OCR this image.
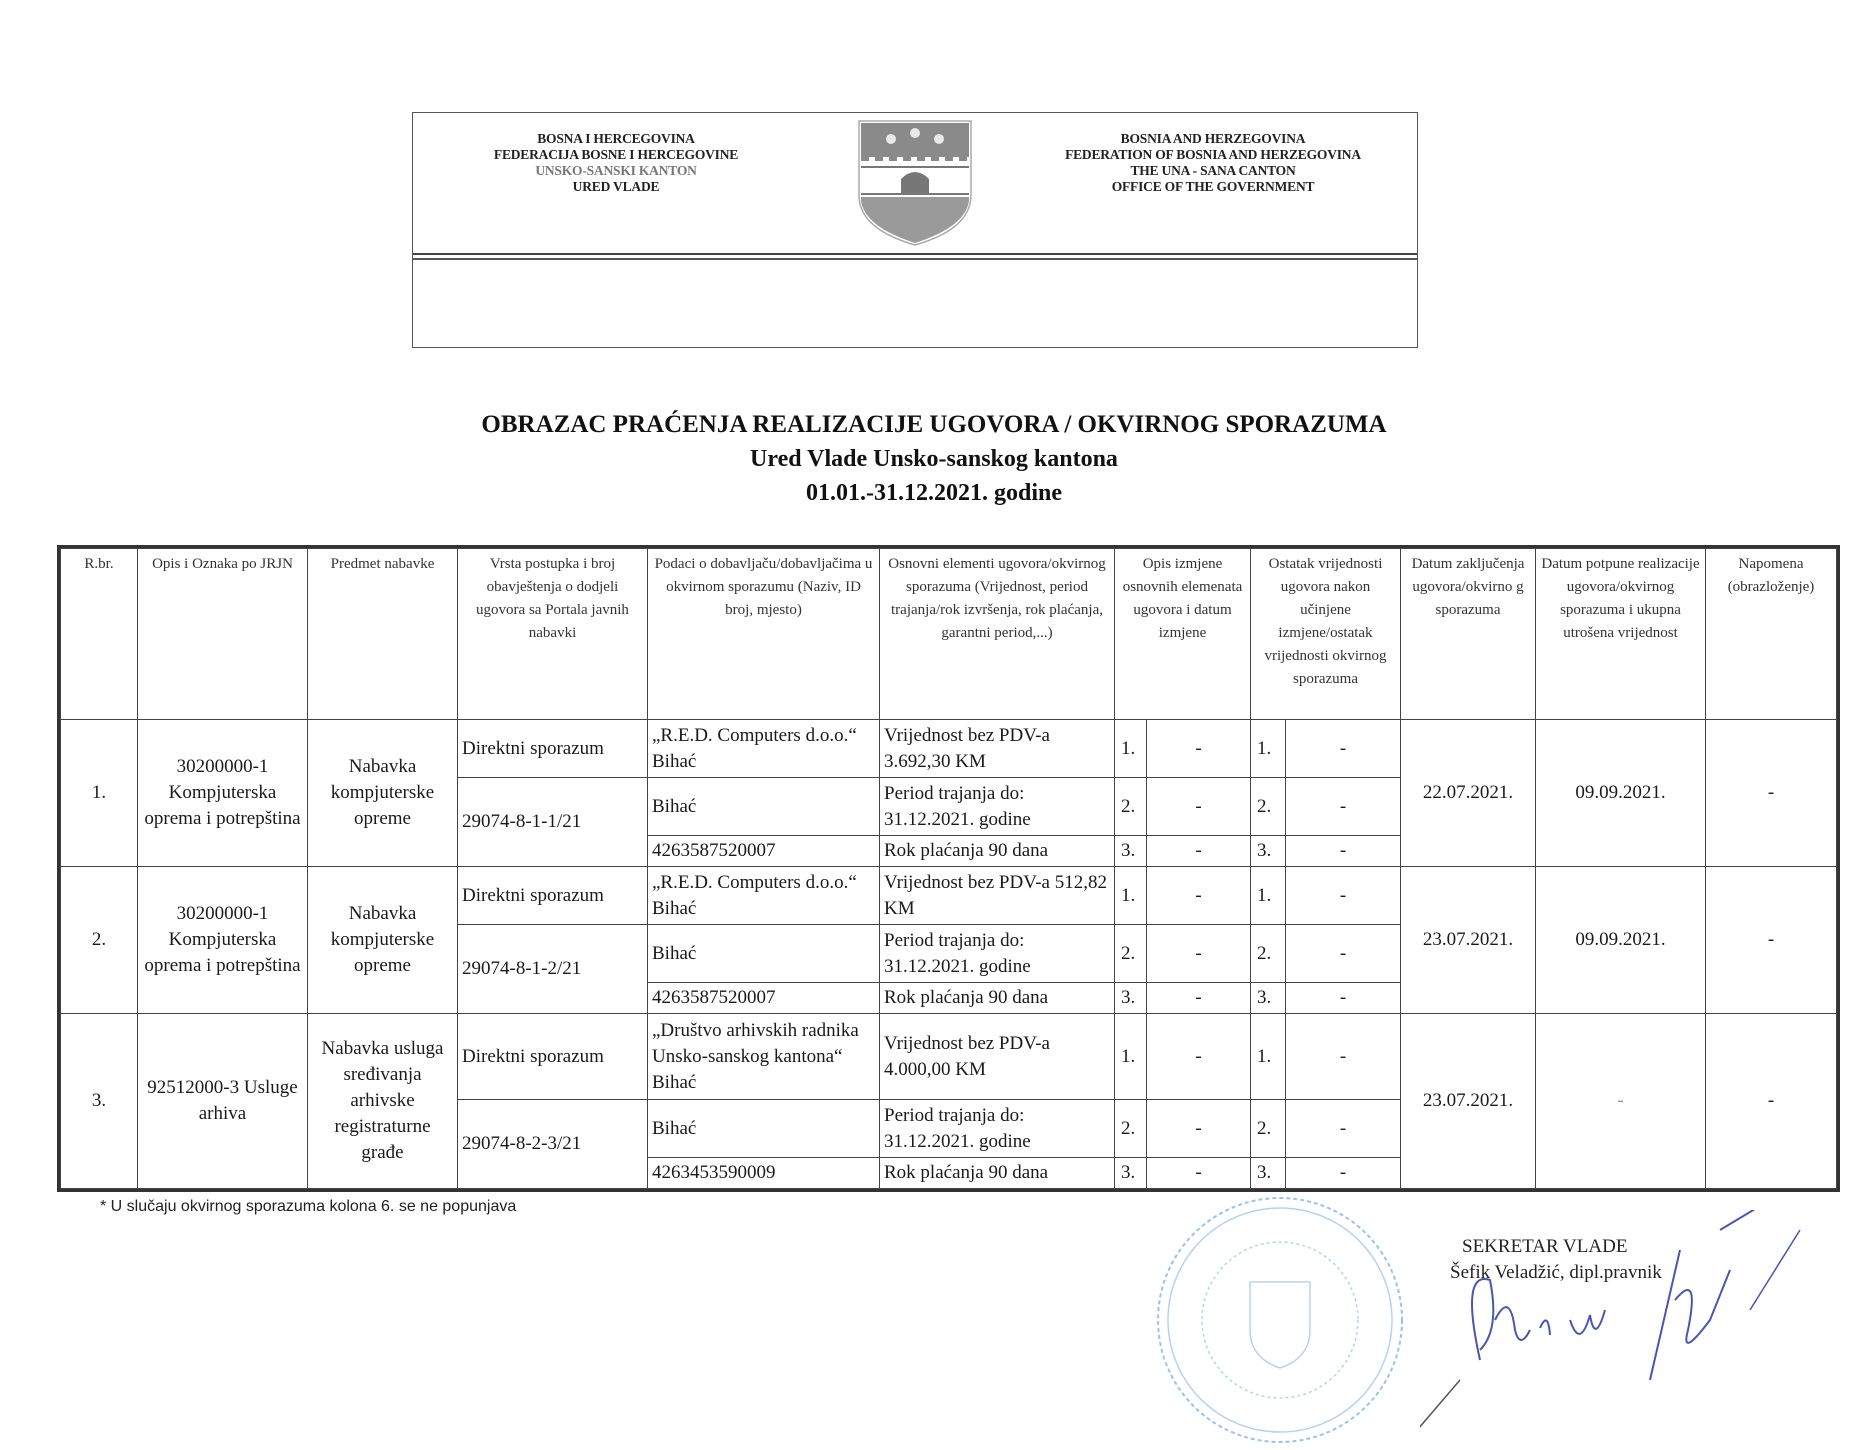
BOSNA I HERCEGOVINA
FEDERACIJA BOSNE I HERCEGOVINE
UNSKO-SANSKI KANTON
URED VLADE
BOSNIA AND HERZEGOVINA
FEDERATION OF BOSNIA AND HERZEGOVINA
THE UNA - SANA CANTON
OFFICE OF THE GOVERNMENT
OBRAZAC PRAĆENJA REALIZACIJE UGOVORA / OKVIRNOG SPORAZUMA
Ured Vlade Unsko-sanskog kantona
01.01.-31.12.2021. godine
R.br.	Opis i Oznaka po JRJN	Predmet nabavke	Vrsta postupka i broj obavještenja o dodjeli ugovora sa Portala javnih nabavki	Podaci o dobavljaču/dobavljačima u okvirnom sporazumu (Naziv, ID broj, mjesto)	Osnovni elementi ugovora/okvirnog sporazuma (Vrijednost, period trajanja/rok izvršenja, rok plaćanja, garantni period,...)	Opis izmjene osnovnih elemenata ugovora i datum izmjene		Ostatak vrijednosti ugovora nakon učinjene izmjene/ostatak vrijednosti okvirnog sporazuma		Datum zaključenja ugovora/okvirno g sporazuma	Datum potpune realizacije ugovora/okvirnog sporazuma i ukupna utrošena vrijednost	Napomena (obrazloženje)
1.	30200000-1 Kompjuterska oprema i potrepština	Nabavka kompjuterske opreme	Direktni sporazum	„R.E.D. Computers d.o.o.“ Bihać	Vrijednost bez PDV-a 3.692,30 KM	1.	-	1.	-	22.07.2021.	09.09.2021.	-
			29074-8-1-1/21	Bihać	Period trajanja do: 31.12.2021. godine	2.	-	2.	-			
				4263587520007	Rok plaćanja 90 dana	3.	-	3.	-			
2.	30200000-1 Kompjuterska oprema i potrepština	Nabavka kompjuterske opreme	Direktni sporazum	„R.E.D. Computers d.o.o.“ Bihać	Vrijednost bez PDV-a 512,82 KM	1.	-	1.	-	23.07.2021.	09.09.2021.	-
			29074-8-1-2/21	Bihać	Period trajanja do: 31.12.2021. godine	2.	-	2.	-			
				4263587520007	Rok plaćanja 90 dana	3.	-	3.	-			
3.	92512000-3 Usluge arhiva	Nabavka usluga sređivanja arhivske registraturne građe	Direktni sporazum	„Društvo arhivskih radnika Unsko-sanskog kantona“ Bihać	Vrijednost bez PDV-a 4.000,00 KM	1.	-	1.	-	23.07.2021.	-	-
			29074-8-2-3/21	Bihać	Period trajanja do: 31.12.2021. godine	2.	-	2.	-			
				4263453590009	Rok plaćanja 90 dana	3.	-	3.	-			
* U slučaju okvirnog sporazuma kolona 6. se ne popunjava
SEKRETAR VLADE
Šefik Veladžić, dipl.pravnik
